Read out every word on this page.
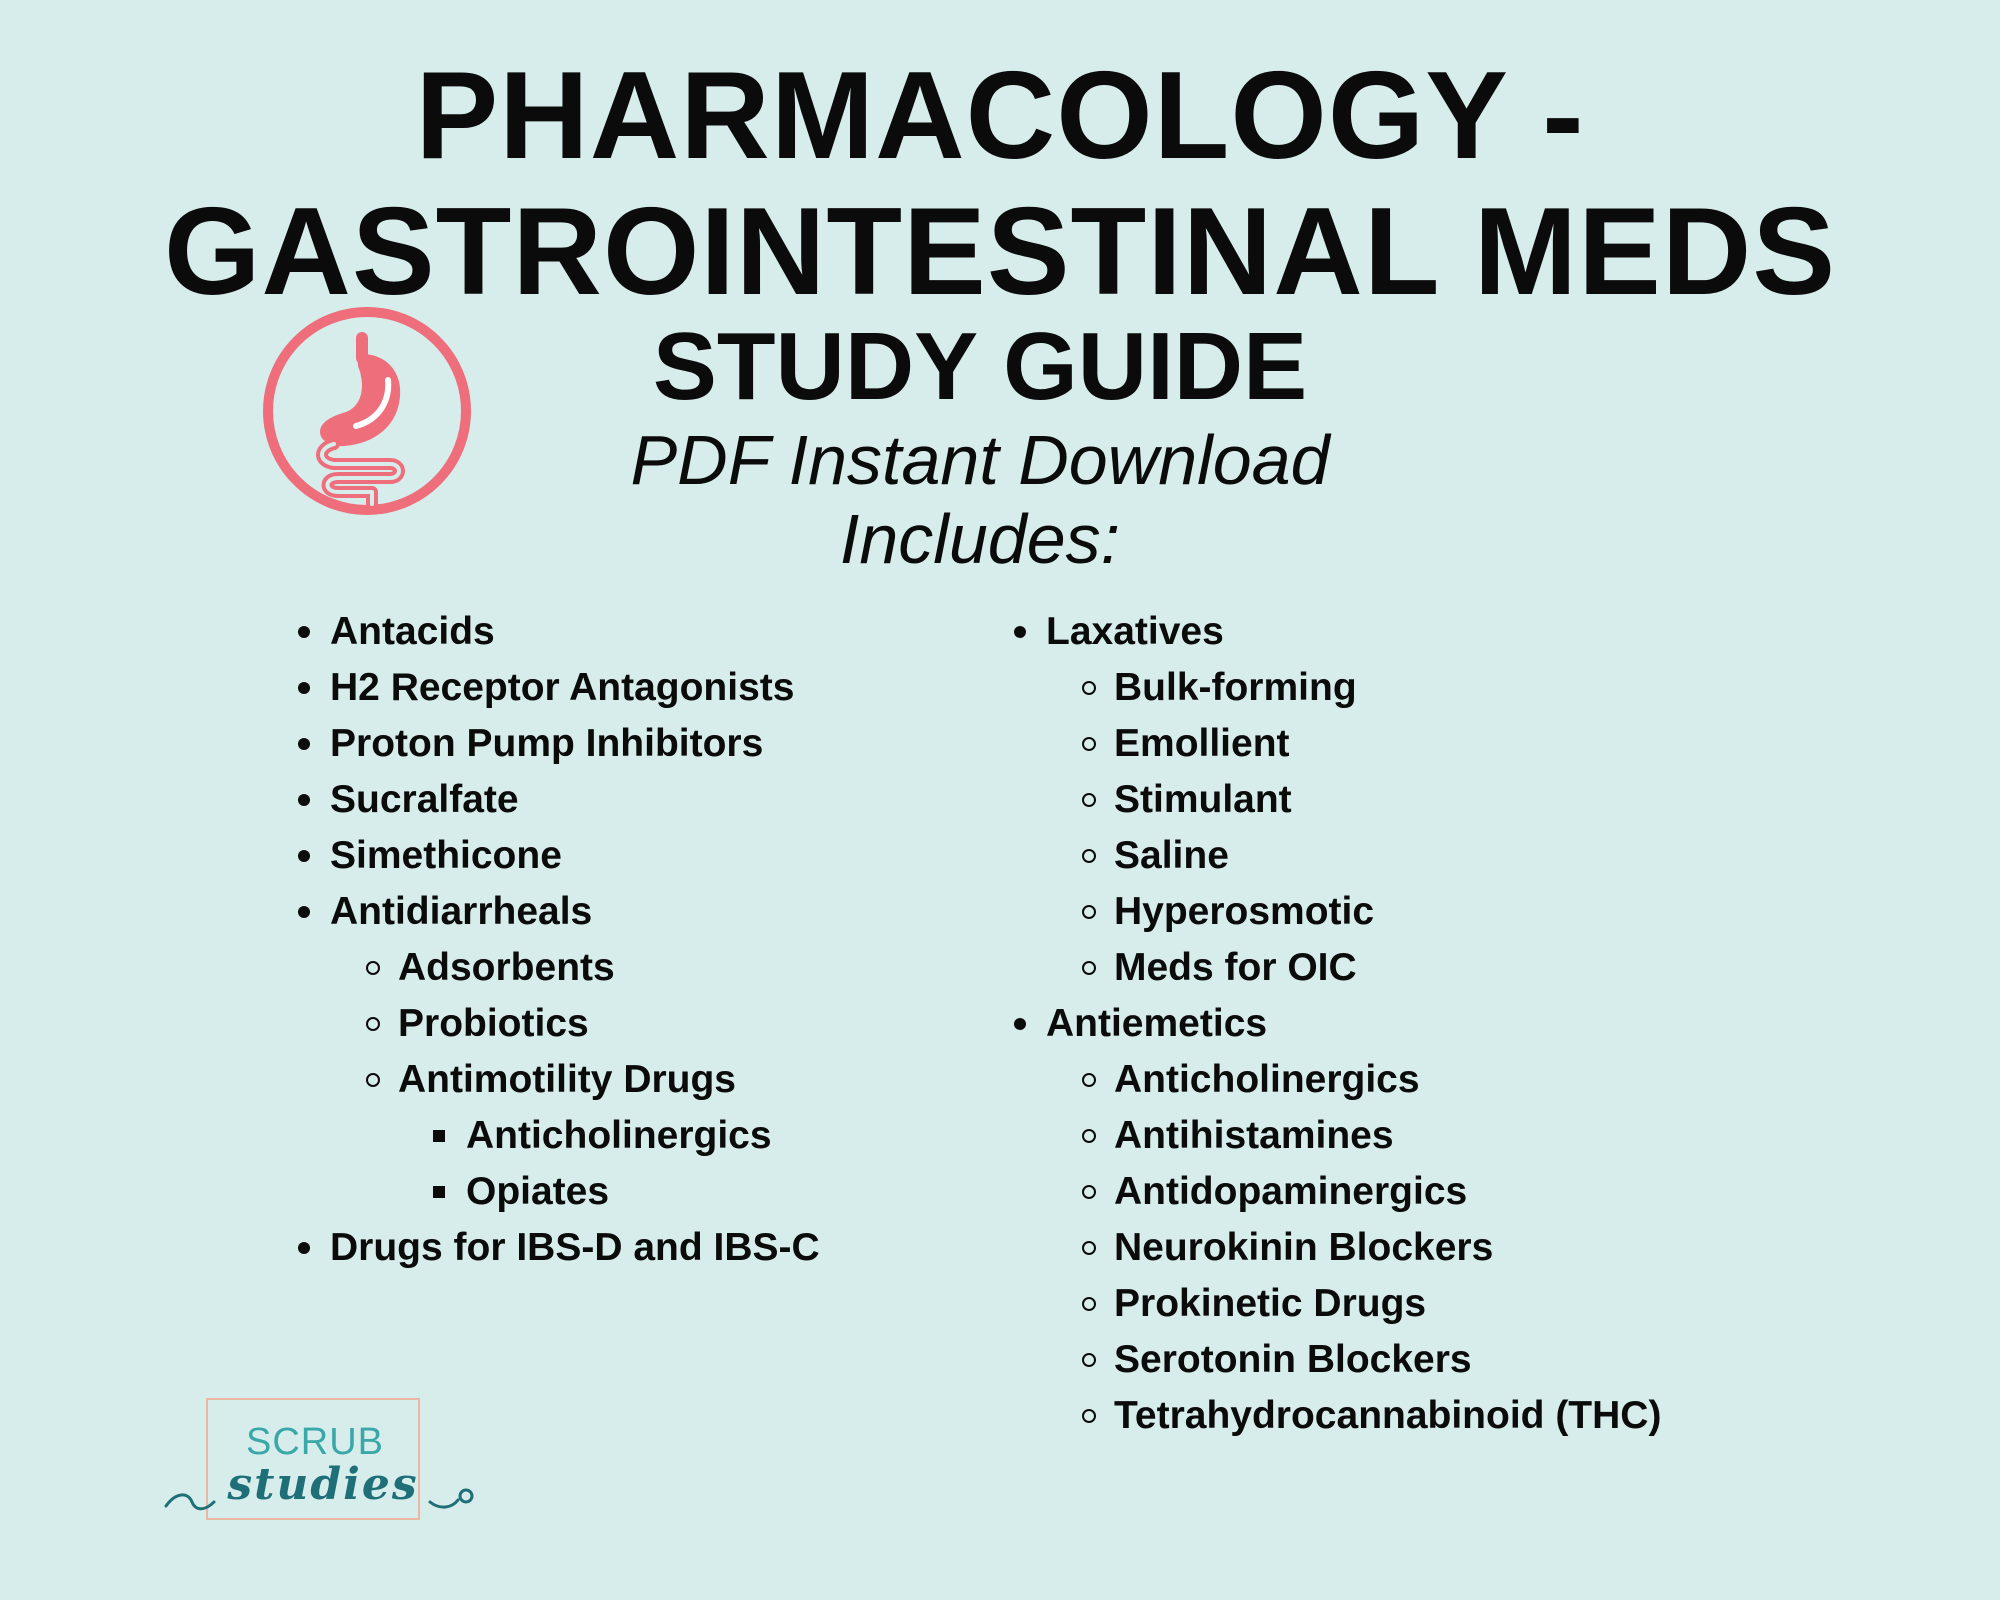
PHARMACOLOGY -
GASTROINTESTINAL MEDS
STUDY GUIDE
PDF Instant Download
Includes:
Antacids
H2 Receptor Antagonists
Proton Pump Inhibitors
Sucralfate
Simethicone
Antidiarrheals
Adsorbents
Probiotics
Antimotility Drugs
Anticholinergics
Opiates
Drugs for IBS-D and IBS-C
Laxatives
Bulk-forming
Emollient
Stimulant
Saline
Hyperosmotic
Meds for OIC
Antiemetics
Anticholinergics
Antihistamines
Antidopaminergics
Neurokinin Blockers
Prokinetic Drugs
Serotonin Blockers
Tetrahydrocannabinoid (THC)
SCRUB
studies
